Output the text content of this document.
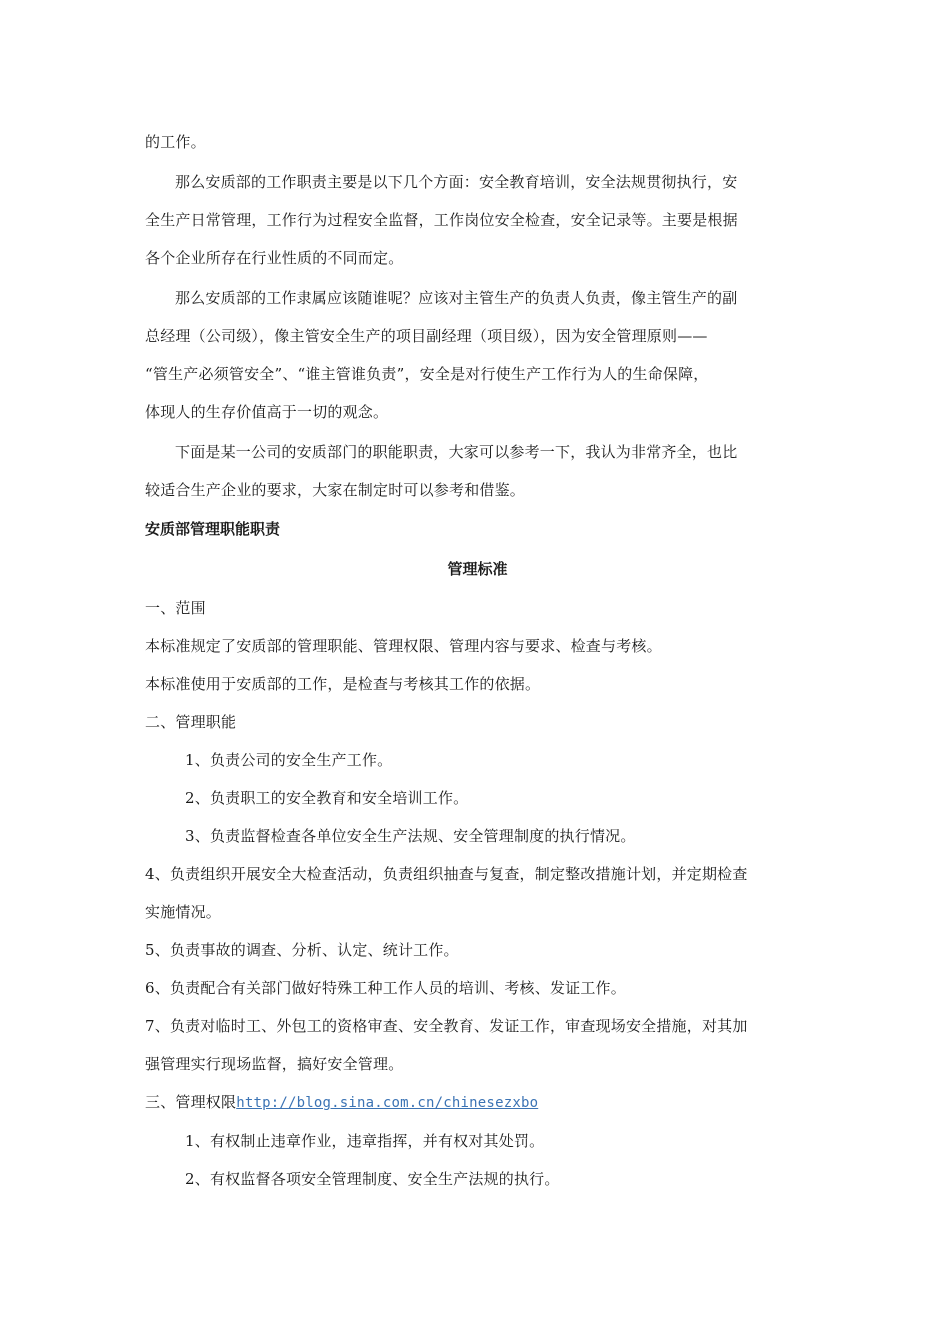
的工作。

那么安质部的工作职责主要是以下几个方面：安全教育培训，安全法规贯彻执行，安
全生产日常管理，工作行为过程安全监督，工作岗位安全检查，安全记录等。主要是根据
各个企业所存在行业性质的不同而定。

那么安质部的工作隶属应该随谁呢？应该对主管生产的负责人负责，像主管生产的副
总经理（公司级），像主管安全生产的项目副经理（项目级），因为安全管理原则——
“管生产必须管安全”、“谁主管谁负责”，安全是对行使生产工作行为人的生命保障，
体现人的生存价值高于一切的观念。

下面是某一公司的安质部门的职能职责，大家可以参考一下，我认为非常齐全，也比
较适合生产企业的要求，大家在制定时可以参考和借鉴。

安质部管理职能职责

管理标准

一、范围

本标准规定了安质部的管理职能、管理权限、管理内容与要求、检查与考核。

本标准使用于安质部的工作，是检查与考核其工作的依据。

二、管理职能

1、负责公司的安全生产工作。

2、负责职工的安全教育和安全培训工作。

3、负责监督检查各单位安全生产法规、安全管理制度的执行情况。

4、负责组织开展安全大检查活动，负责组织抽查与复查，制定整改措施计划，并定期检查
实施情况。

5、负责事故的调查、分析、认定、统计工作。

6、负责配合有关部门做好特殊工种工作人员的培训、考核、发证工作。

7、负责对临时工、外包工的资格审查、安全教育、发证工作，审查现场安全措施，对其加
强管理实行现场监督，搞好安全管理。

三、管理权限http://blog.sina.com.cn/chinesezxbo

1、有权制止违章作业，违章指挥，并有权对其处罚。

2、有权监督各项安全管理制度、安全生产法规的执行。
